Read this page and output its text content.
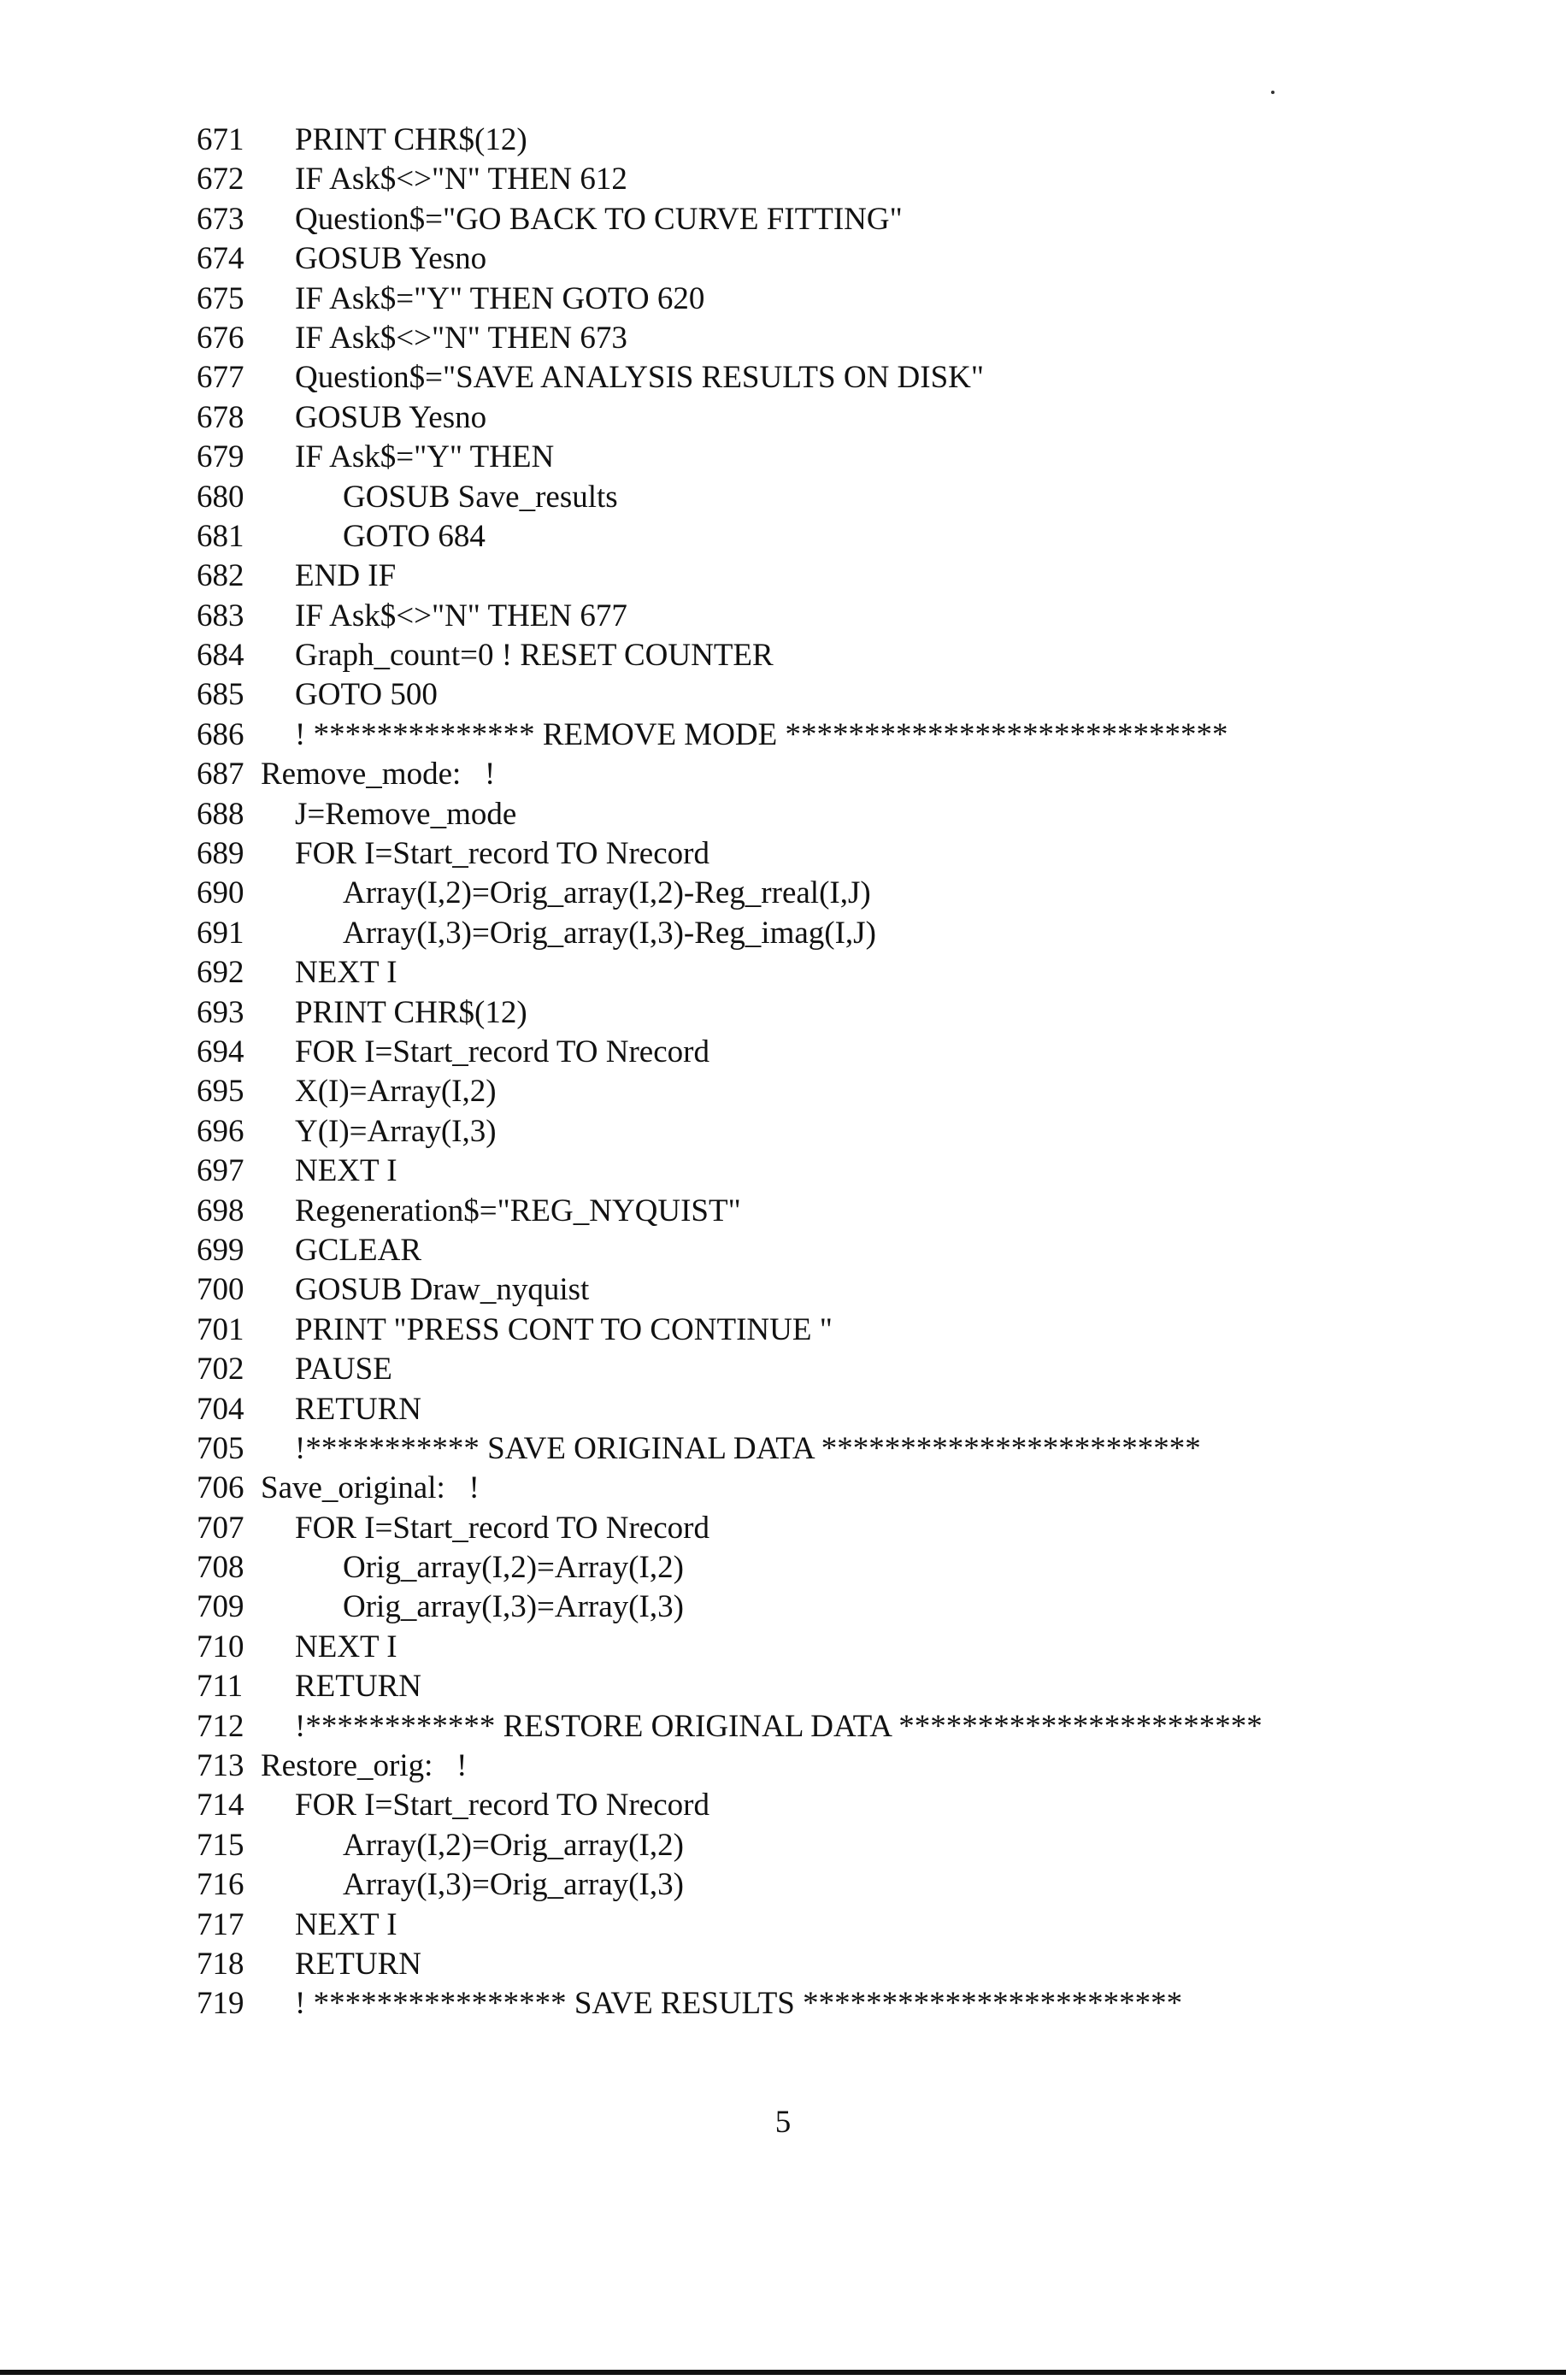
671 PRINT CHR$(12)
672 IF Ask$<>"N" THEN 612
673 Question$="GO BACK TO CURVE FITTING"
674 GOSUB Yesno
675 IF Ask$="Y" THEN GOTO 620
676 IF Ask$<>"N" THEN 673
677 Question$="SAVE ANALYSIS RESULTS ON DISK"
678 GOSUB Yesno
679 IF Ask$="Y" THEN
680	GOSUB Save_results
681	GOTO 684
682 END IF
683 IF Ask$<>"N" THEN 677
684 Graph_count=0 ! RESET COUNTER
685 GOTO 500
686 ! ************** REMOVE MODE ****************************
687 Remove_mode:   !
688 J=Remove_mode
689 FOR I=Start_record TO Nrecord
690	Array(I,2)=Orig_array(I,2)-Reg_rreal(I,J)
691	Array(I,3)=Orig_array(I,3)-Reg_imag(I,J)
692 NEXT I
693 PRINT CHR$(12)
694 FOR I=Start_record TO Nrecord
695 X(I)=Array(I,2)
696 Y(I)=Array(I,3)
697 NEXT I
698 Regeneration$="REG_NYQUIST"
699 GCLEAR
700 GOSUB Draw_nyquist
701 PRINT "PRESS CONT TO CONTINUE "
702 PAUSE
704 RETURN
705 !*********** SAVE ORIGINAL DATA ************************
706 Save_original:   !
707 FOR I=Start_record TO Nrecord
708	Orig_array(I,2)=Array(I,2)
709	Orig_array(I,3)=Array(I,3)
710 NEXT I
711 RETURN
712 !************ RESTORE ORIGINAL DATA ***********************
713 Restore_orig:   !
714 FOR I=Start_record TO Nrecord
715	Array(I,2)=Orig_array(I,2)
716	Array(I,3)=Orig_array(I,3)
717 NEXT I
718 RETURN
719 ! **************** SAVE RESULTS ************************
5
